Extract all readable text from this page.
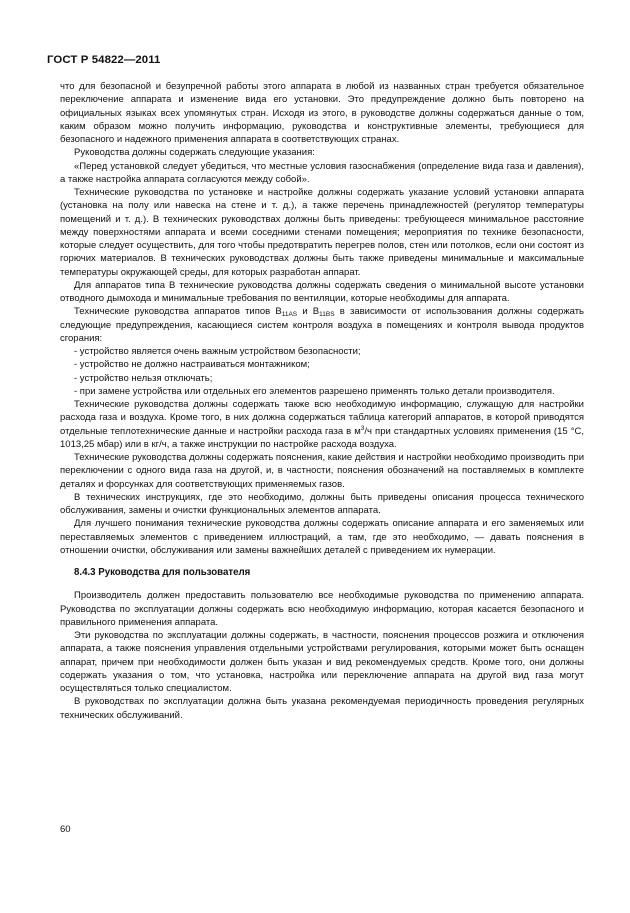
ГОСТ Р 54822—2011

что для безопасной и безупречной работы этого аппарата в любой из названных стран требуется обязательное переключение аппарата и изменение вида его установки. Это предупреждение должно быть повторено на официальных языках всех упомянутых стран. Исходя из этого, в руководстве должны содержаться данные о том, каким образом можно получить информацию, руководства и конструктивные элементы, требующиеся для безопасного и надежного применения аппарата в соответствующих странах.

Руководства должны содержать следующие указания:

«Перед установкой следует убедиться, что местные условия газоснабжения (определение вида газа и давления), а также настройка аппарата согласуются между собой».

Технические руководства по установке и настройке должны содержать указание условий установки аппарата (установка на полу или навеска на стене и т. д.), а также перечень принадлежностей (регулятор температуры помещений и т. д.). В технических руководствах должны быть приведены: требующееся минимальное расстояние между поверхностями аппарата и всеми соседними стенами помещения; мероприятия по технике безопасности, которые следует осуществить, для того чтобы предотвратить перегрев полов, стен или потолков, если они состоят из горючих материалов. В технических руководствах должны быть также приведены минимальные и максимальные температуры окружающей среды, для которых разработан аппарат.

Для аппаратов типа В технические руководства должны содержать сведения о минимальной высоте установки отводного дымохода и минимальные требования по вентиляции, которые необходимы для аппарата.

Технические руководства аппаратов типов $В_{11AS}$ и $В_{11BS}$ в зависимости от использования должны содержать следующие предупреждения, касающиеся систем контроля воздуха в помещениях и контроля вывода продуктов сгорания:

- устройство является очень важным устройством безопасности;

- устройство не должно настраиваться монтажником;

- устройство нельзя отключать;

- при замене устройства или отдельных его элементов разрешено применять только детали производителя.

Технические руководства должны содержать также всю необходимую информацию, служащую для настройки расхода газа и воздуха. Кроме того, в них должна содержаться таблица категорий аппаратов, в которой приводятся отдельные теплотехнические данные и настройки расхода газа в $м^3/ч$ при стандартных условиях применения (15 °С, 1013,25 мбар) или в кг/ч, а также инструкции по настройке расхода воздуха.

Технические руководства должны содержать пояснения, какие действия и настройки необходимо производить при переключении с одного вида газа на другой, и, в частности, пояснения обозначений на поставляемых в комплекте деталях и форсунках для соответствующих применяемых газов.

В технических инструкциях, где это необходимо, должны быть приведены описания процесса технического обслуживания, замены и очистки функциональных элементов аппарата.

Для лучшего понимания технические руководства должны содержать описание аппарата и его заменяемых или переставляемых элементов с приведением иллюстраций, а там, где это необходимо, — давать пояснения в отношении очистки, обслуживания или замены важнейших деталей с приведением их нумерации.

8.4.3 Руководства для пользователя

Производитель должен предоставить пользователю все необходимые руководства по применению аппарата. Руководства по эксплуатации должны содержать всю необходимую информацию, которая касается безопасного и правильного применения аппарата.

Эти руководства по эксплуатации должны содержать, в частности, пояснения процессов розжига и отключения аппарата, а также пояснения управления отдельными устройствами регулирования, которыми может быть оснащен аппарат, причем при необходимости должен быть указан и вид рекомендуемых средств. Кроме того, они должны содержать указания о том, что установка, настройка или переключение аппарата на другой вид газа могут осуществляться только специалистом.

В руководствах по эксплуатации должна быть указана рекомендуемая периодичность проведения регулярных технических обслуживаний.

60
